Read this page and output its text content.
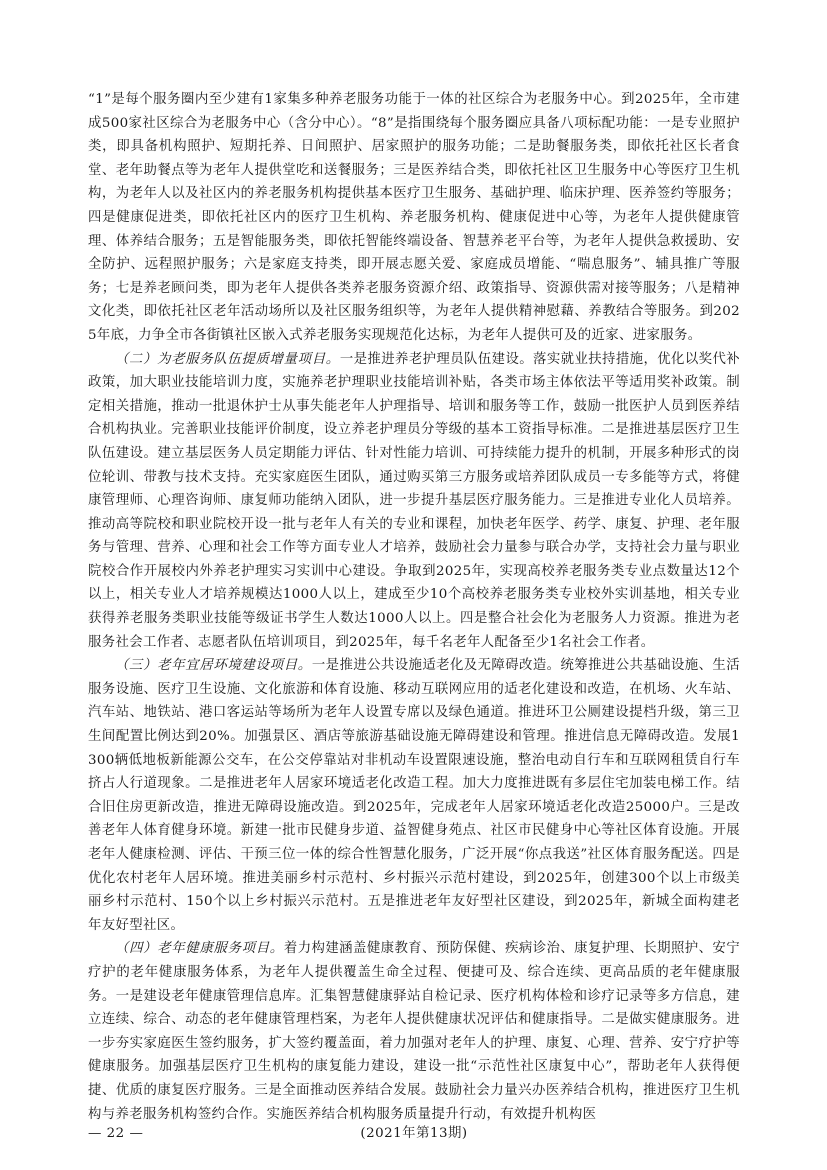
“1”是每个服务圈内至少建有1家集多种养老服务功能于一体的社区综合为老服务中心。到2025年，全市建成500家社区综合为老服务中心（含分中心）。“8”是指围绕每个服务圈应具备八项标配功能：一是专业照护类，即具备机构照护、短期托养、日间照护、居家照护的服务功能；二是助餐服务类，即依托社区长者食堂、老年助餐点等为老年人提供堂吃和送餐服务；三是医养结合类，即依托社区卫生服务中心等医疗卫生机构，为老年人以及社区内的养老服务机构提供基本医疗卫生服务、基础护理、临床护理、医养签约等服务；四是健康促进类，即依托社区内的医疗卫生机构、养老服务机构、健康促进中心等，为老年人提供健康管理、体养结合服务；五是智能服务类，即依托智能终端设备、智慧养老平台等，为老年人提供急救援助、安全防护、远程照护服务；六是家庭支持类，即开展志愿关爱、家庭成员增能、“喘息服务”、辅具推广等服务；七是养老顾问类，即为老年人提供各类养老服务资源介绍、政策指导、资源供需对接等服务；八是精神文化类，即依托社区老年活动场所以及社区服务组织等，为老年人提供精神慰藉、养教结合等服务。到2025年底，力争全市各街镇社区嵌入式养老服务实现规范化达标，为老年人提供可及的近家、进家服务。

（二）为老服务队伍提质增量项目。一是推进养老护理员队伍建设。落实就业扶持措施，优化以奖代补政策，加大职业技能培训力度，实施养老护理职业技能培训补贴，各类市场主体依法平等适用奖补政策。制定相关措施，推动一批退休护士从事失能老年人护理指导、培训和服务等工作，鼓励一批医护人员到医养结合机构执业。完善职业技能评价制度，设立养老护理员分等级的基本工资指导标准。二是推进基层医疗卫生队伍建设。建立基层医务人员定期能力评估、针对性能力培训、可持续能力提升的机制，开展多种形式的岗位轮训、带教与技术支持。充实家庭医生团队，通过购买第三方服务或培养团队成员一专多能等方式，将健康管理师、心理咨询师、康复师功能纳入团队，进一步提升基层医疗服务能力。三是推进专业化人员培养。推动高等院校和职业院校开设一批与老年人有关的专业和课程，加快老年医学、药学、康复、护理、老年服务与管理、营养、心理和社会工作等方面专业人才培养，鼓励社会力量参与联合办学，支持社会力量与职业院校合作开展校内外养老护理实习实训中心建设。争取到2025年，实现高校养老服务类专业点数量达12个以上，相关专业人才培养规模达1000人以上，建成至少10个高校养老服务类专业校外实训基地，相关专业获得养老服务类职业技能等级证书学生人数达1000人以上。四是整合社会化为老服务人力资源。推进为老服务社会工作者、志愿者队伍培训项目，到2025年，每千名老年人配备至少1名社会工作者。

（三）老年宜居环境建设项目。一是推进公共设施适老化及无障碍改造。统筹推进公共基础设施、生活服务设施、医疗卫生设施、文化旅游和体育设施、移动互联网应用的适老化建设和改造，在机场、火车站、汽车站、地铁站、港口客运站等场所为老年人设置专席以及绿色通道。推进环卫公厕建设提档升级，第三卫生间配置比例达到20%。加强景区、酒店等旅游基础设施无障碍建设和管理。推进信息无障碍改造。发展1300辆低地板新能源公交车，在公交停靠站对非机动车设置限速设施，整治电动自行车和互联网租赁自行车挤占人行道现象。二是推进老年人居家环境适老化改造工程。加大力度推进既有多层住宅加装电梯工作。结合旧住房更新改造，推进无障碍设施改造。到2025年，完成老年人居家环境适老化改造25000户。三是改善老年人体育健身环境。新建一批市民健身步道、益智健身苑点、社区市民健身中心等社区体育设施。开展老年人健康检测、评估、干预三位一体的综合性智慧化服务，广泛开展“你点我送”社区体育服务配送。四是优化农村老年人居环境。推进美丽乡村示范村、乡村振兴示范村建设，到2025年，创建300个以上市级美丽乡村示范村、150个以上乡村振兴示范村。五是推进老年友好型社区建设，到2025年，新城全面构建老年友好型社区。

（四）老年健康服务项目。着力构建涵盖健康教育、预防保健、疾病诊治、康复护理、长期照护、安宁疗护的老年健康服务体系，为老年人提供覆盖生命全过程、便捷可及、综合连续、更高品质的老年健康服务。一是建设老年健康管理信息库。汇集智慧健康驿站自检记录、医疗机构体检和诊疗记录等多方信息，建立连续、综合、动态的老年健康管理档案，为老年人提供健康状况评估和健康指导。二是做实健康服务。进一步夯实家庭医生签约服务，扩大签约覆盖面，着力加强对老年人的护理、康复、心理、营养、安宁疗护等健康服务。加强基层医疗卫生机构的康复能力建设，建设一批“示范性社区康复中心”，帮助老年人获得便捷、优质的康复医疗服务。三是全面推动医养结合发展。鼓励社会力量兴办医养结合机构，推进医疗卫生机构与养老服务机构签约合作。实施医养结合机构服务质量提升行动，有效提升机构医

— 22 —	(2021年第13期)
